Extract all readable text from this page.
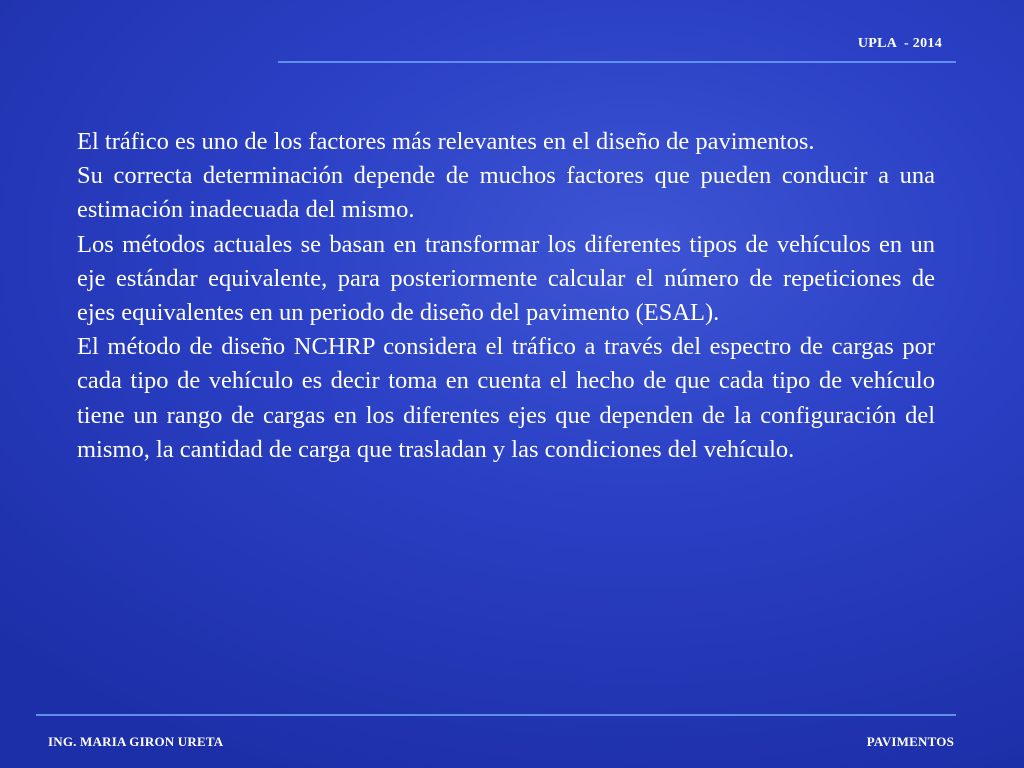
UPLA  - 2014

El tráfico es uno de los factores más relevantes en el diseño de pavimentos.

Su correcta determinación depende de muchos factores que pueden conducir a una estimación inadecuada del mismo.

Los métodos actuales se basan en transformar los diferentes tipos de vehículos en un eje estándar equivalente, para posteriormente calcular el número de repeticiones de ejes equivalentes en un periodo de diseño del pavimento (ESAL).

El método de diseño NCHRP considera el tráfico a través del espectro de cargas por cada tipo de vehículo es decir toma en cuenta el hecho de que cada tipo de vehículo tiene un rango de cargas en los diferentes ejes que dependen de la configuración del mismo, la cantidad de carga que trasladan y las condiciones del vehículo.

ING. MARIA GIRON URETA	PAVIMENTOS
